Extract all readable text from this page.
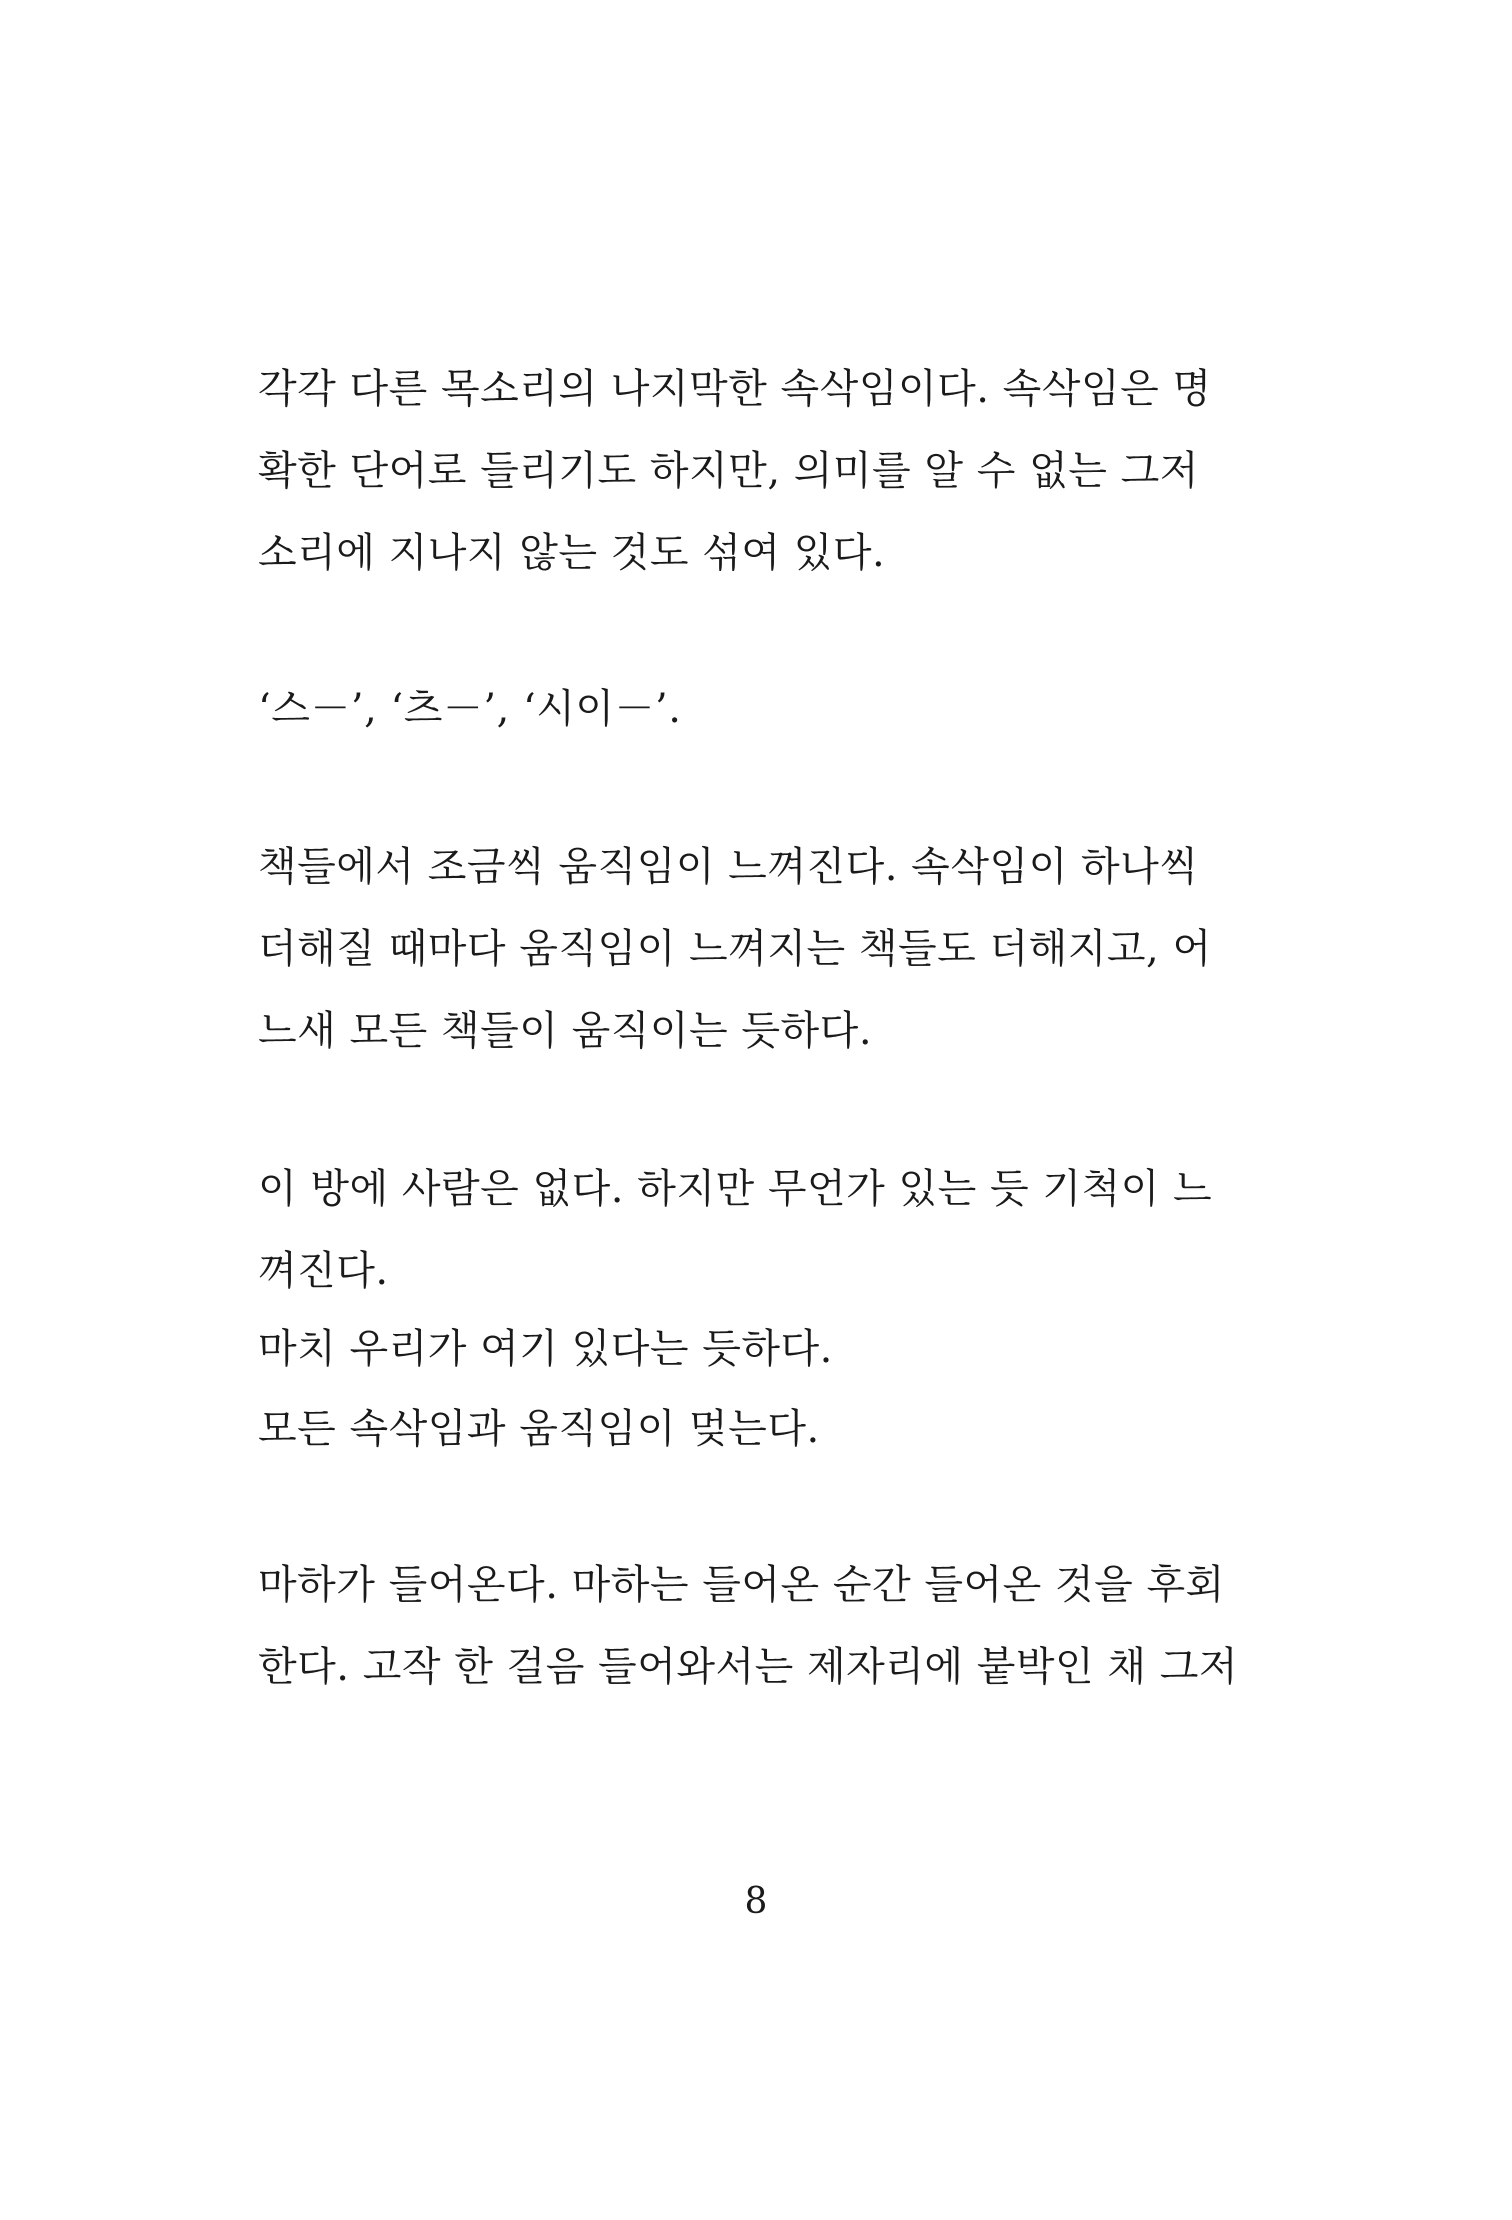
각각 다른 목소리의 나지막한 속삭임이다. 속삭임은 명
확한 단어로 들리기도 하지만, 의미를 알 수 없는 그저
소리에 지나지 않는 것도 섞여 있다.
‘스－’, ‘츠－’, ‘시이－’.
책들에서 조금씩 움직임이 느껴진다. 속삭임이 하나씩
더해질 때마다 움직임이 느껴지는 책들도 더해지고, 어
느새 모든 책들이 움직이는 듯하다.
이 방에 사람은 없다. 하지만 무언가 있는 듯 기척이 느
껴진다.
마치 우리가 여기 있다는 듯하다.
모든 속삭임과 움직임이 멎는다.
마하가 들어온다. 마하는 들어온 순간 들어온 것을 후회
한다. 고작 한 걸음 들어와서는 제자리에 붙박인 채 그저
8
